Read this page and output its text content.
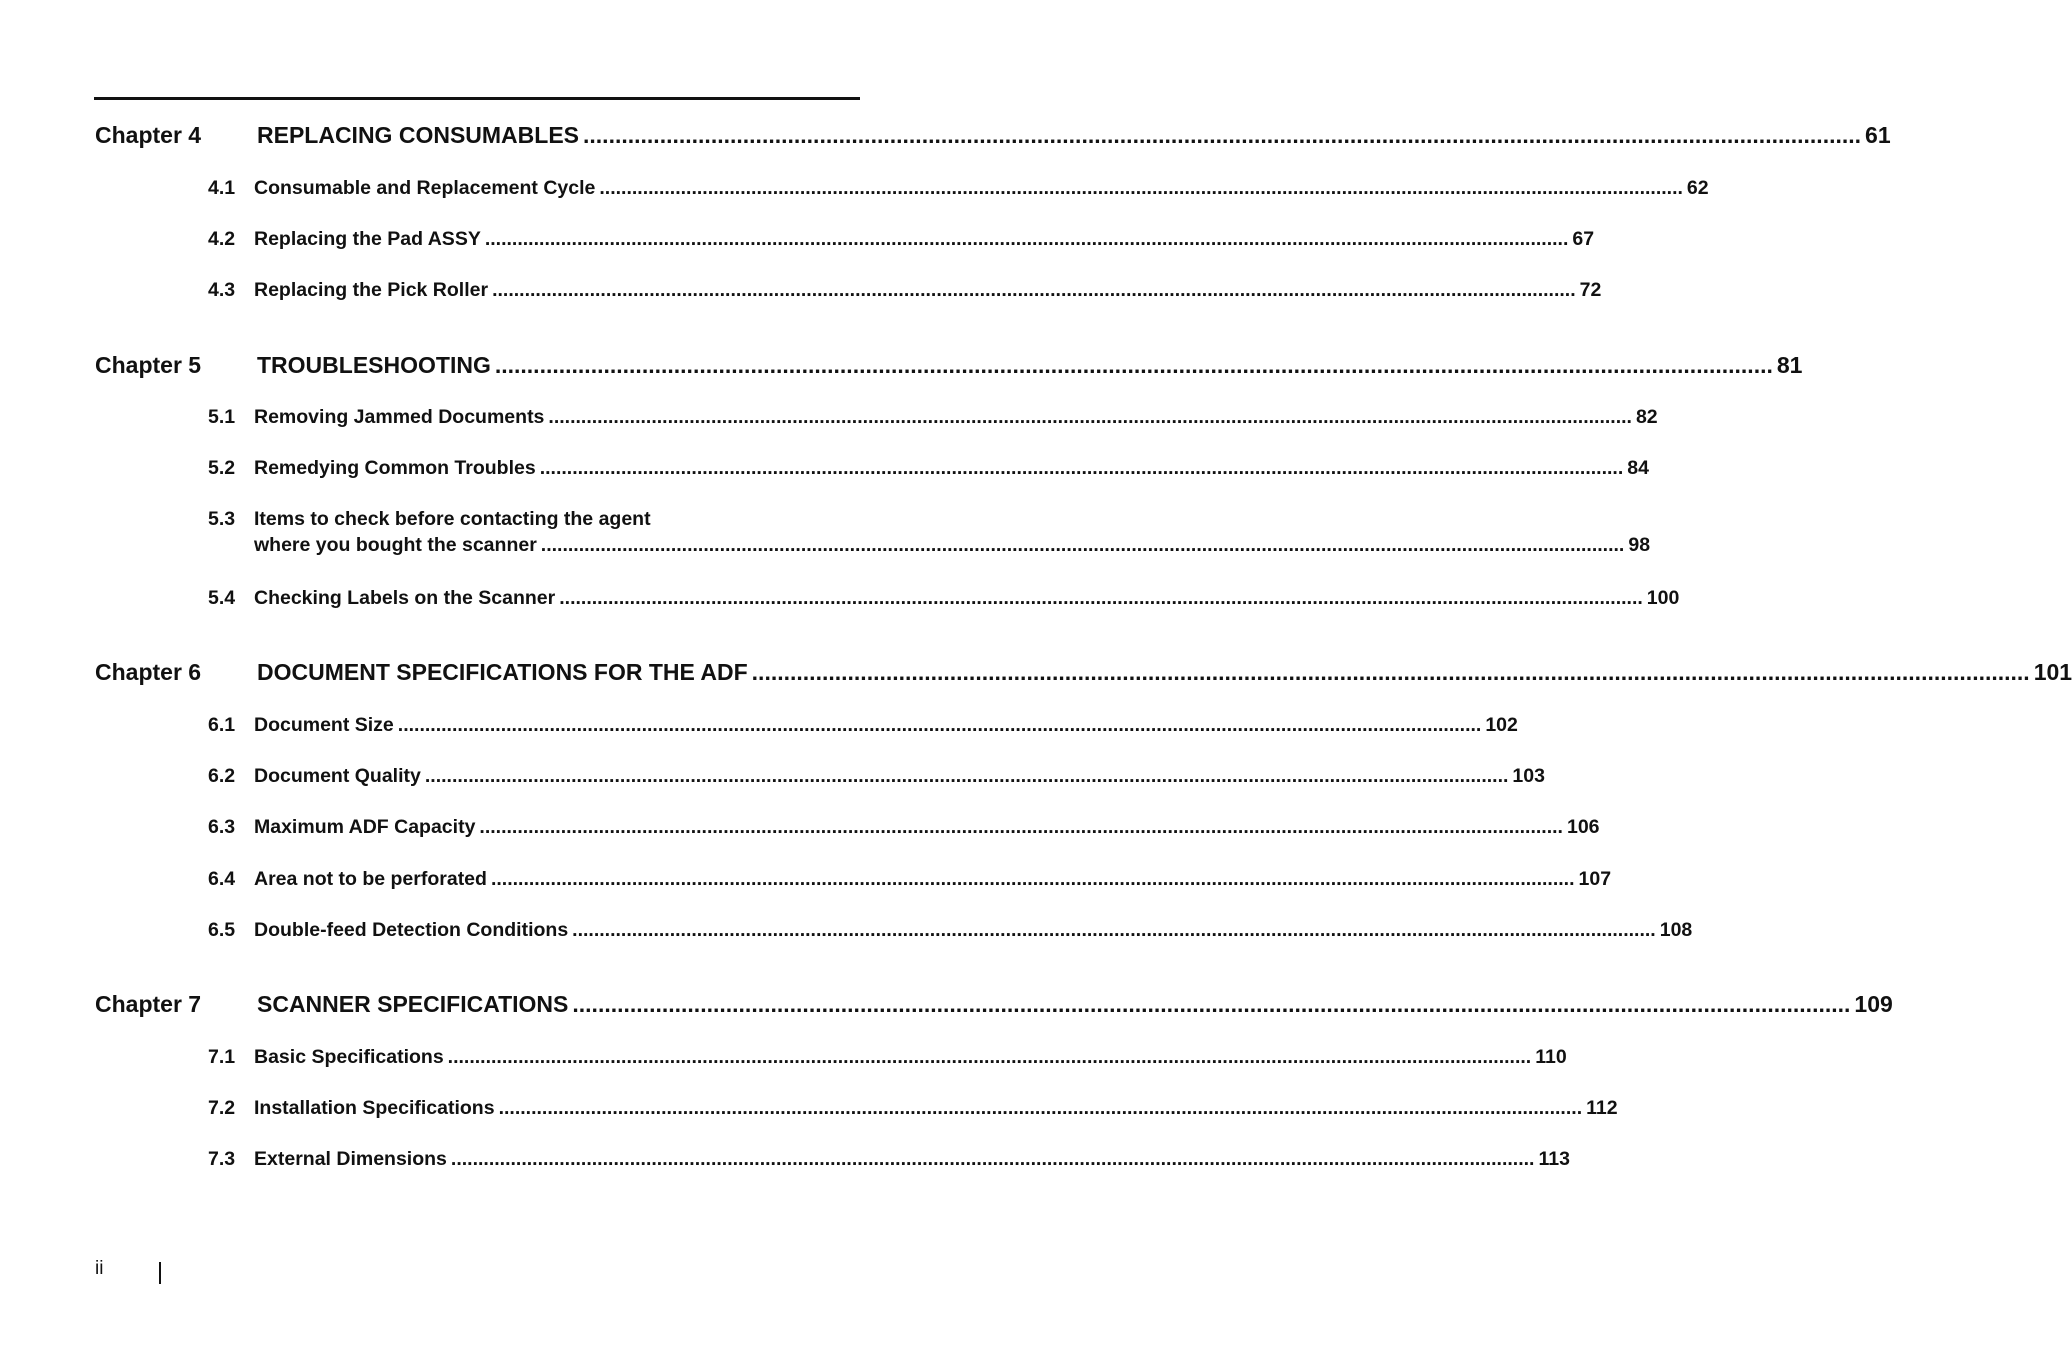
Chapter 4	REPLACING CONSUMABLES .....	61
4.1 Consumable and Replacement Cycle .....	62
4.2 Replacing the Pad ASSY .....	67
4.3 Replacing the Pick Roller .....	72
Chapter 5	TROUBLESHOOTING .....	81
5.1 Removing Jammed Documents .....	82
5.2 Remedying Common Troubles .....	84
5.3 Items to check before contacting the agent
where you bought the scanner .....	98
5.4 Checking Labels on the Scanner .....	100
Chapter 6	DOCUMENT SPECIFICATIONS FOR THE ADF .....	101
6.1 Document Size .....	102
6.2 Document Quality .....	103
6.3 Maximum ADF Capacity .....	106
6.4 Area not to be perforated .....	107
6.5 Double-feed Detection Conditions .....	108
Chapter 7	SCANNER SPECIFICATIONS .....	109
7.1 Basic Specifications .....	110
7.2 Installation Specifications .....	112
7.3 External Dimensions .....	113
ii
